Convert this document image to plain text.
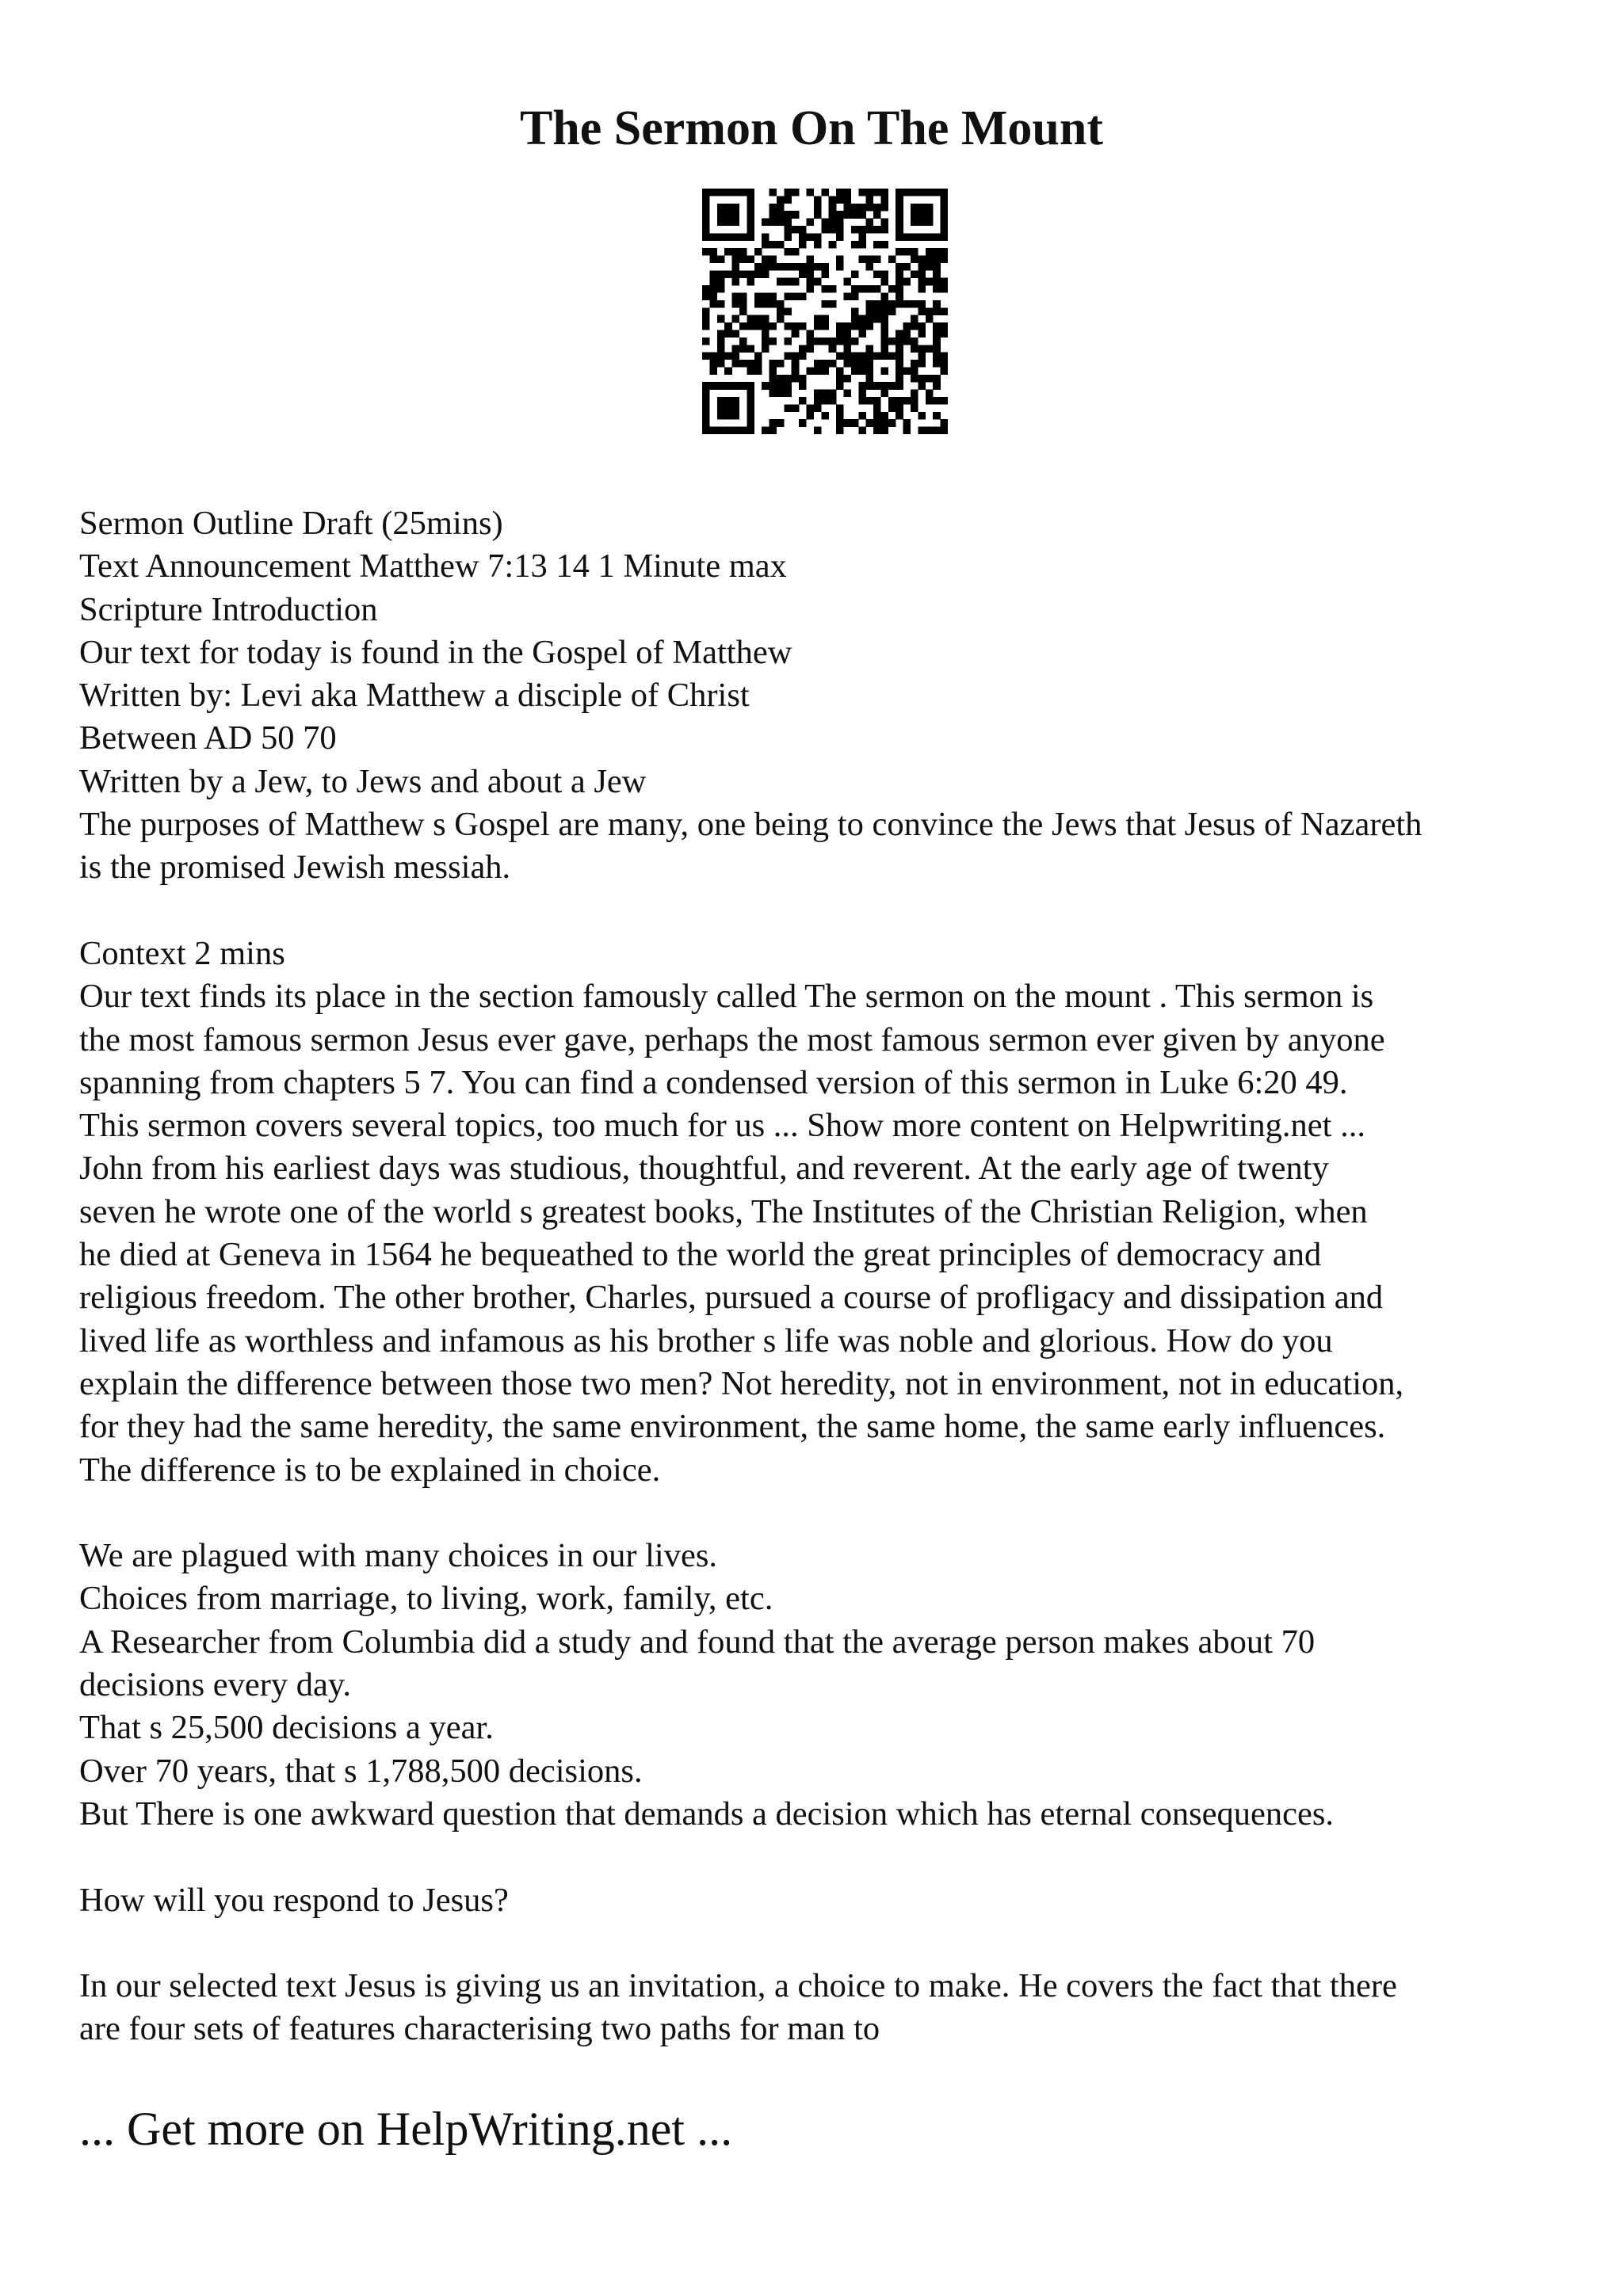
The Sermon On The Mount
Sermon Outline Draft (25mins)
Text Announcement Matthew 7:13 14 1 Minute max
Scripture Introduction
Our text for today is found in the Gospel of Matthew
Written by: Levi aka Matthew a disciple of Christ
Between AD 50 70
Written by a Jew, to Jews and about a Jew
The purposes of Matthew s Gospel are many, one being to convince the Jews that Jesus of Nazareth
is the promised Jewish messiah.
Context 2 mins
Our text finds its place in the section famously called The sermon on the mount . This sermon is
the most famous sermon Jesus ever gave, perhaps the most famous sermon ever given by anyone
spanning from chapters 5 7. You can find a condensed version of this sermon in Luke 6:20 49.
This sermon covers several topics, too much for us ... Show more content on Helpwriting.net ...
John from his earliest days was studious, thoughtful, and reverent. At the early age of twenty
seven he wrote one of the world s greatest books, The Institutes of the Christian Religion, when
he died at Geneva in 1564 he bequeathed to the world the great principles of democracy and
religious freedom. The other brother, Charles, pursued a course of profligacy and dissipation and
lived life as worthless and infamous as his brother s life was noble and glorious. How do you
explain the difference between those two men? Not heredity, not in environment, not in education,
for they had the same heredity, the same environment, the same home, the same early influences.
The difference is to be explained in choice.
We are plagued with many choices in our lives.
Choices from marriage, to living, work, family, etc.
A Researcher from Columbia did a study and found that the average person makes about 70
decisions every day.
That s 25,500 decisions a year.
Over 70 years, that s 1,788,500 decisions.
But There is one awkward question that demands a decision which has eternal consequences.
How will you respond to Jesus?
In our selected text Jesus is giving us an invitation, a choice to make. He covers the fact that there
are four sets of features characterising two paths for man to
... Get more on HelpWriting.net ...
